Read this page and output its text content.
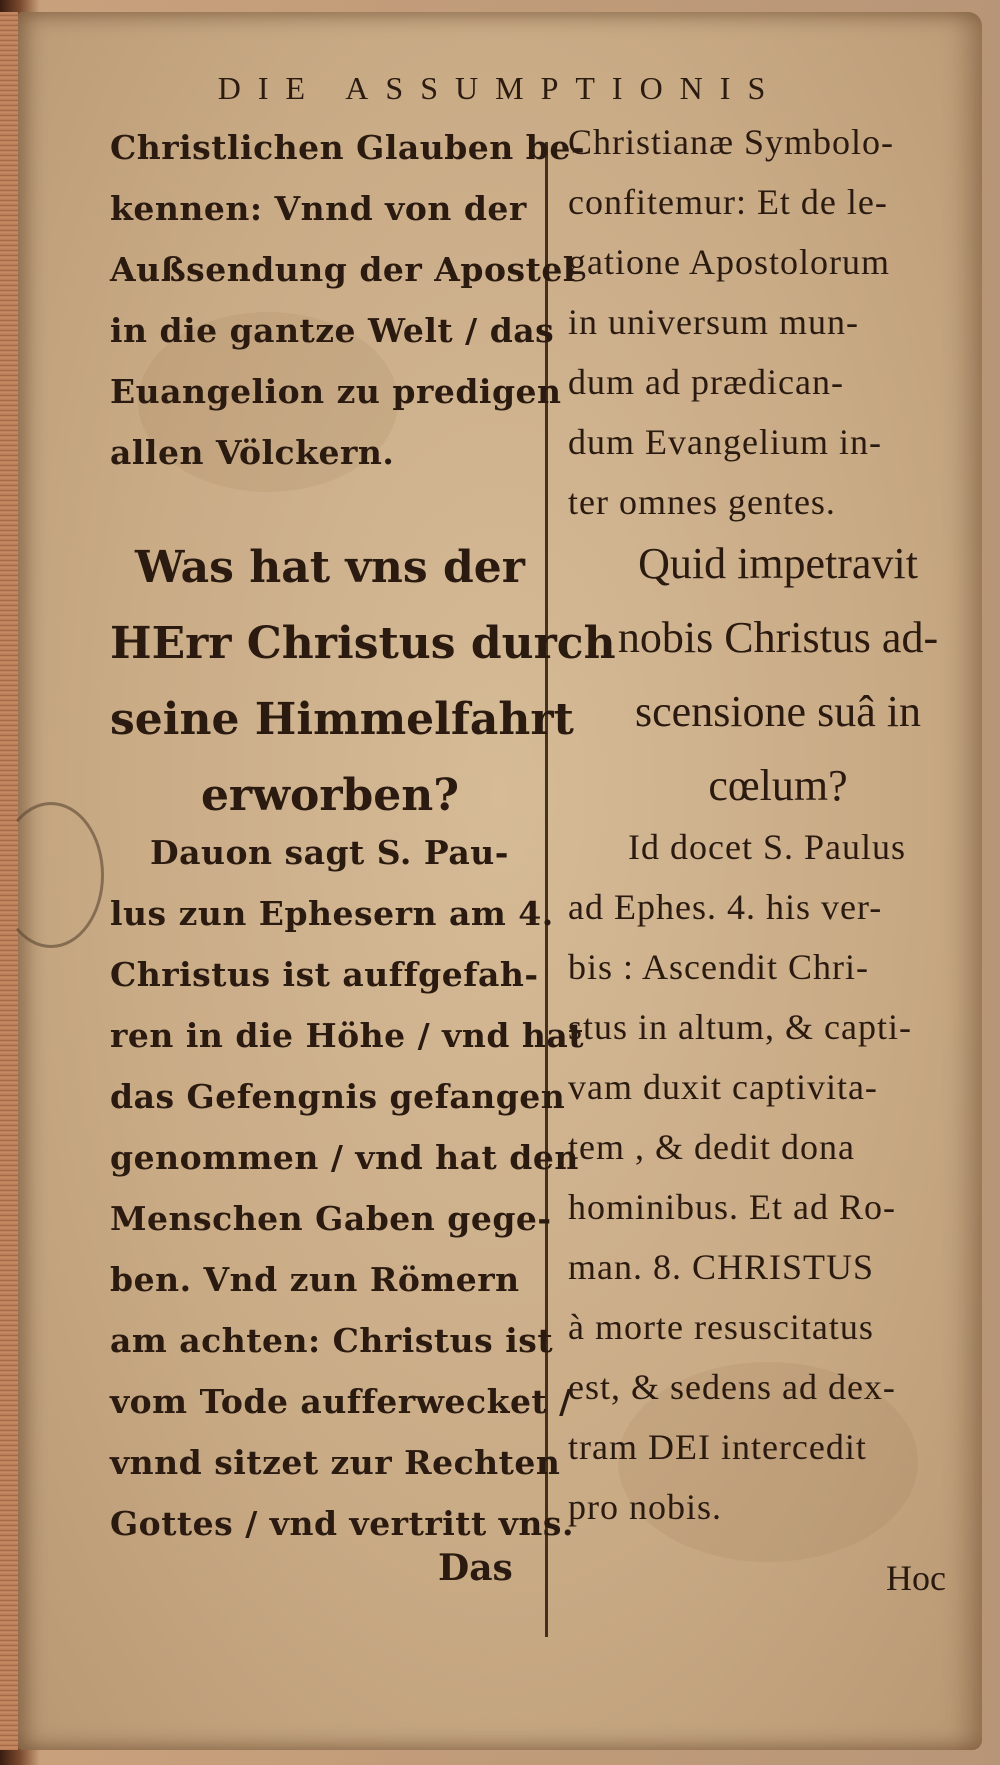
DIE ASSUMPTIONIS
Christlichen Glauben be-
kennen: Vnnd von der
Außsendung der Apostel
in die gantze Welt / das
Euangelion zu predigen
allen Völckern.
Was hat vns der
HErr Christus durch
seine Himmelfahrt
erworben?
Dauon sagt S. Pau-
lus zun Ephesern am 4.
Christus ist auffgefah-
ren in die Höhe / vnd hat
das Gefengnis gefangen
genommen / vnd hat den
Menschen Gaben gege-
ben. Vnd zun Römern
am achten: Christus ist
vom Tode aufferwecket /
vnnd sitzet zur Rechten
Gottes / vnd vertritt vns.
Das
Christianæ Symbolo-
confitemur: Et de le-
gatione Apostolorum
in universum mun-
dum ad prædican-
dum Evangelium in-
ter omnes gentes.
Quid impetravit
nobis Christus ad-
scensione suâ in
cœlum?
Id docet S. Paulus
ad Ephes. 4. his ver-
bis : Ascendit Chri-
stus in altum, & capti-
vam duxit captivita-
tem , & dedit dona
hominibus. Et ad Ro-
man. 8. CHRISTUS
à morte resuscitatus
est, & sedens ad dex-
tram DEI intercedit
pro nobis.
Hoc
